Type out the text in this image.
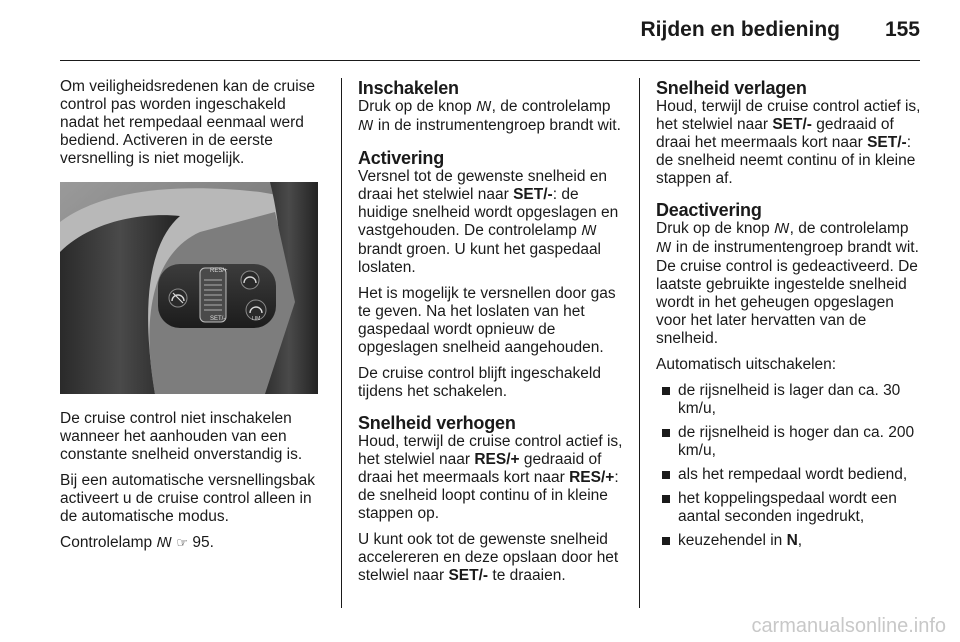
Rijden en bediening	155

Om veiligheidsredenen kan de cruise control pas worden ingeschakeld nadat het rempedaal eenmaal werd bediend. Activeren in de eerste versnelling is niet mogelijk.

RES/+
SET/-	LIM

De cruise control niet inschakelen wanneer het aanhouden van een constante snelheid onverstandig is.

Bij een automatische versnellingsbak activeert u de cruise control alleen in de automatische modus.

Controlelamp ꟿ ☞ 95.

Inschakelen

Druk op de knop ꟿ, de controlelamp ꟿ in de instrumentengroep brandt wit.

Activering

Versnel tot de gewenste snelheid en draai het stelwiel naar SET/-: de huidige snelheid wordt opgeslagen en vastgehouden. De controlelamp ꟿ brandt groen. U kunt het gaspedaal loslaten.

Het is mogelijk te versnellen door gas te geven. Na het loslaten van het gaspedaal wordt opnieuw de opgeslagen snelheid aangehouden.

De cruise control blijft ingeschakeld tijdens het schakelen.

Snelheid verhogen

Houd, terwijl de cruise control actief is, het stelwiel naar RES/+ gedraaid of draai het meermaals kort naar RES/+: de snelheid loopt continu of in kleine stappen op.

U kunt ook tot de gewenste snelheid accelereren en deze opslaan door het stelwiel naar SET/- te draaien.

Snelheid verlagen

Houd, terwijl de cruise control actief is, het stelwiel naar SET/- gedraaid of draai het meermaals kort naar SET/-: de snelheid neemt continu of in kleine stappen af.

Deactivering

Druk op de knop ꟿ, de controlelamp ꟿ in de instrumentengroep brandt wit. De cruise control is gedeactiveerd. De laatste gebruikte ingestelde snelheid wordt in het geheugen opgeslagen voor het later hervatten van de snelheid.

Automatisch uitschakelen:

de rijsnelheid is lager dan ca. 30 km/u,
de rijsnelheid is hoger dan ca. 200 km/u,
als het rempedaal wordt bediend,
het koppelingspedaal wordt een aantal seconden ingedrukt,
keuzehendel in N,
carmanualsonline.info
